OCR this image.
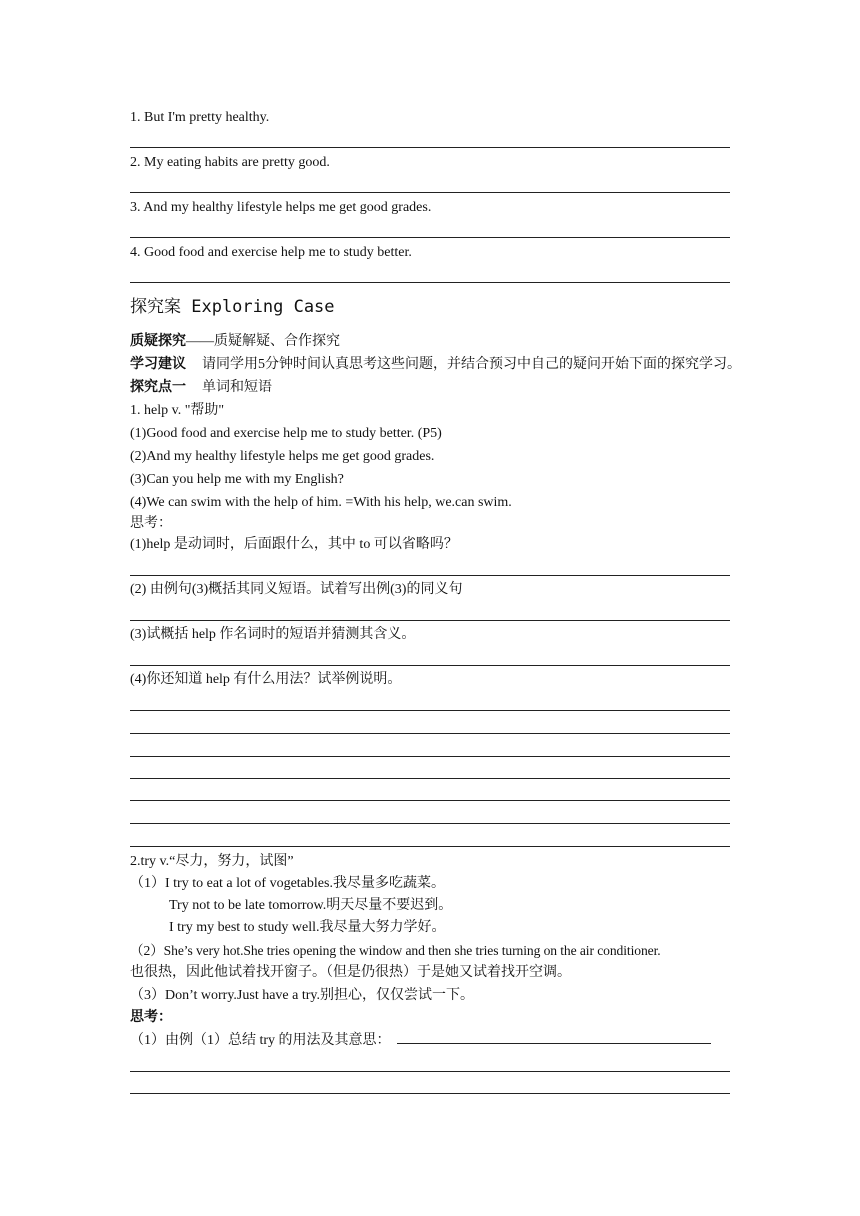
1. But I'm pretty healthy.
2. My eating habits are pretty good.
3. And my healthy lifestyle helps me get good grades.
4. Good food and exercise help me to study better.
探究案 Exploring Case
质疑探究——质疑解疑、合作探究
学习建议 请同学用5分钟时间认真思考这些问题，并结合预习中自己的疑问开始下面的探究学习。
探究点一 单词和短语
1. help v. "帮助"
(1)Good food and exercise help me to study better. (P5)
(2)And my healthy lifestyle helps me get good grades.
(3)Can you help me with my English?
(4)We can swim with the help of him. =With his help, we.can swim.
思考：
(1)help 是动词时，后面跟什么，其中 to 可以省略吗？
(2) 由例句(3)概括其同义短语。试着写出例(3)的同义句
(3)试概括 help 作名词时的短语并猜测其含义。
(4)你还知道 help 有什么用法？试举例说明。
2.try v.“尽力，努力，试图”
（1）I try to eat a lot of vogetables.我尽量多吃蔬菜。
Try not to be late tomorrow.明天尽量不要迟到。
I try my best to study well.我尽量大努力学好。
（2）She’s very hot.She tries opening the window and then she tries turning on the air conditioner.
也很热，因此他试着找开窗子。（但是仍很热）于是她又试着找开空调。
（3）Don’t worry.Just have a try.别担心，仅仅尝试一下。
思考：
（1）由例（1）总结 try 的用法及其意思：
